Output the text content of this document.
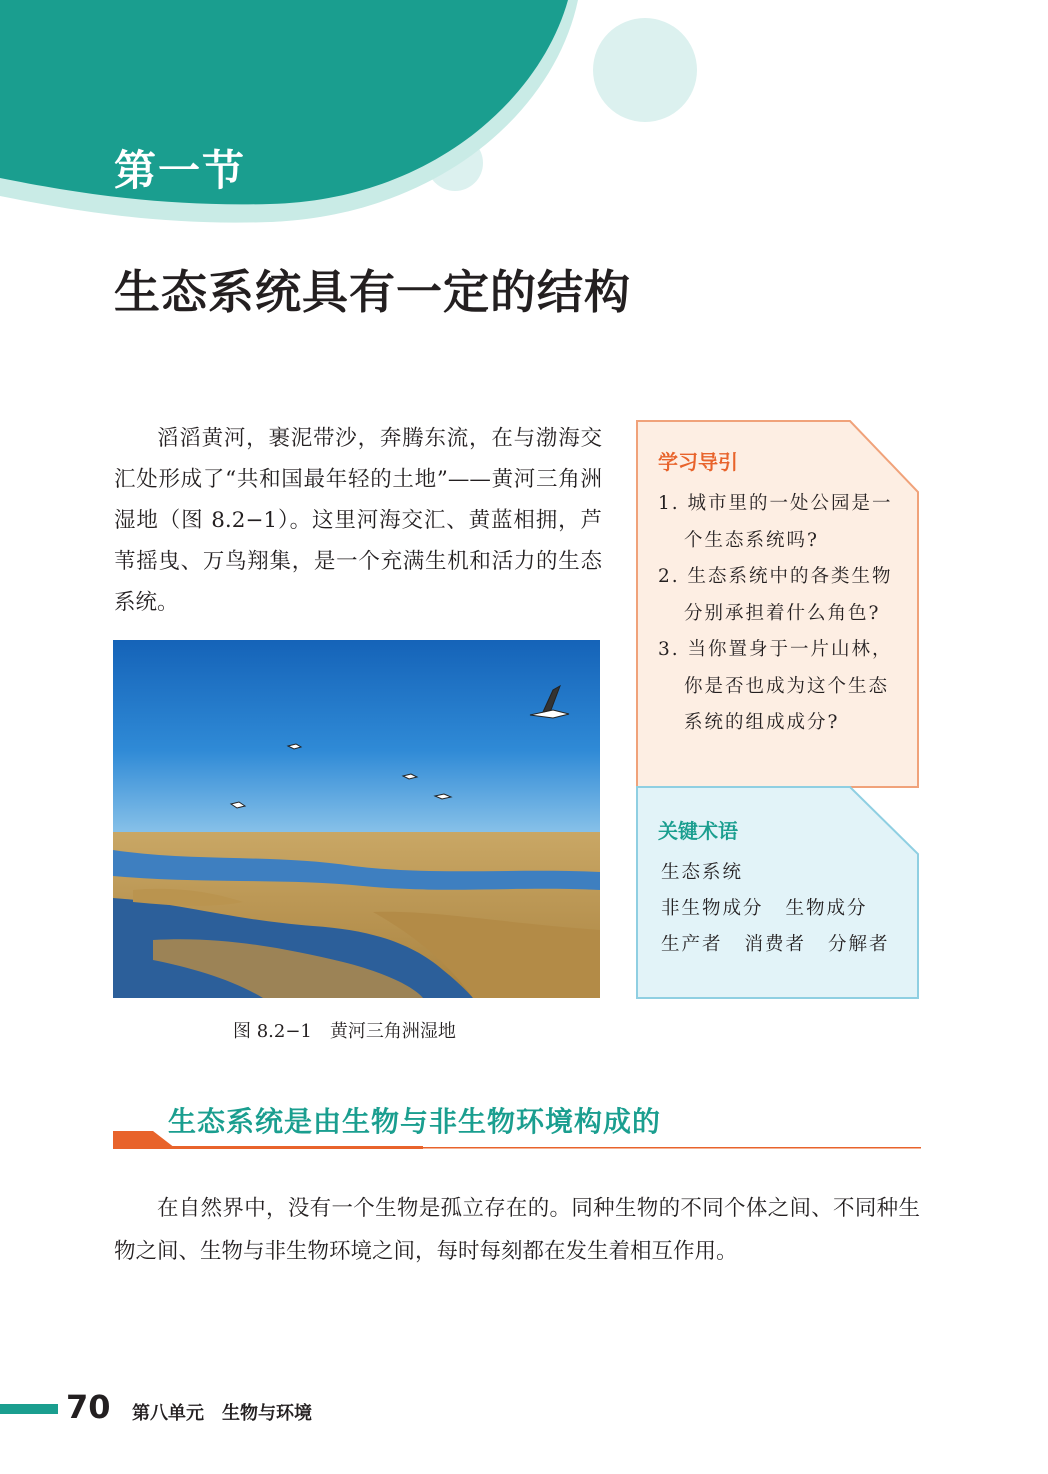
第一节
生态系统具有一定的结构
滔滔黄河，裹泥带沙，奔腾东流，在与渤海交汇处形成了“共和国最年轻的土地”——黄河三角洲湿地（图 8.2−1）。这里河海交汇、黄蓝相拥，芦苇摇曳、万鸟翔集，是一个充满生机和活力的生态系统。
图 8.2−1 黄河三角洲湿地
学习导引
1. 城市里的一处公园是一个生态系统吗?
2. 生态系统中的各类生物分别承担着什么角色?
3. 当你置身于一片山林，你是否也成为这个生态系统的组成成分?
关键术语
生态系统
非生物成分 生物成分
生产者 消费者 分解者
生态系统是由生物与非生物环境构成的
在自然界中，没有一个生物是孤立存在的。同种生物的不同个体之间、不同种生物之间、生物与非生物环境之间，每时每刻都在发生着相互作用。
70 第八单元 生物与环境
